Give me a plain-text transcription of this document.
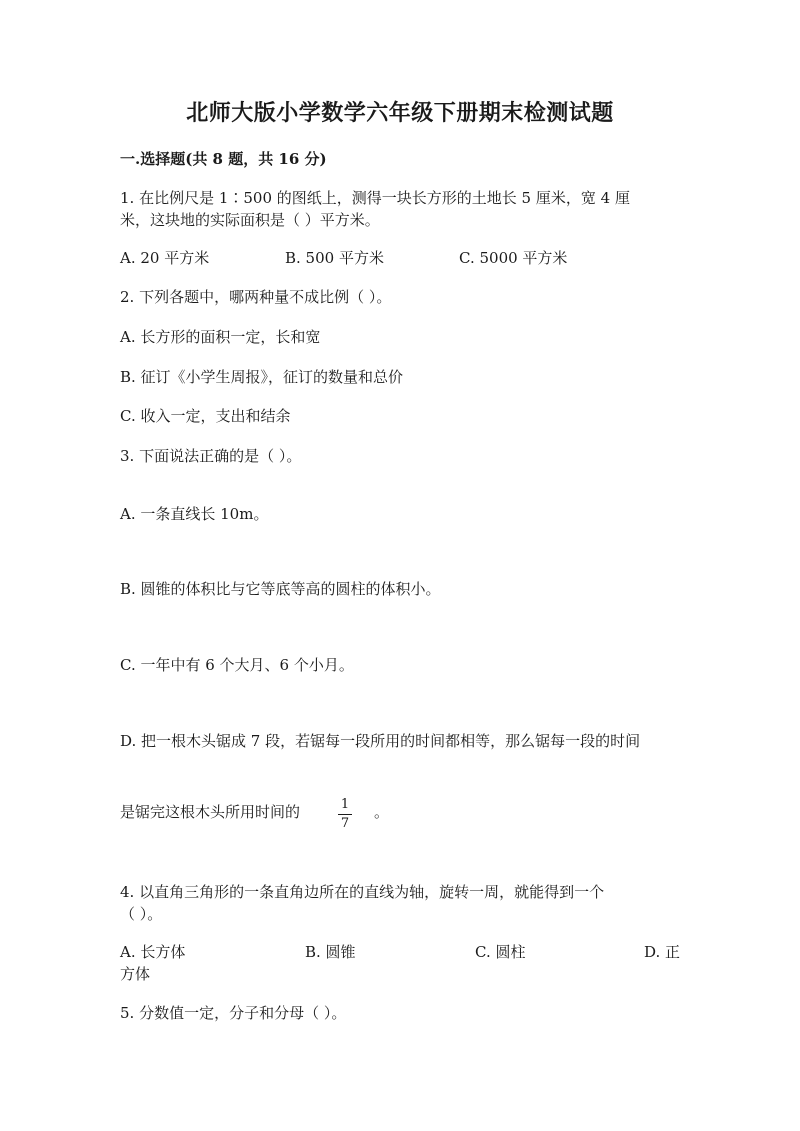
北师大版小学数学六年级下册期末检测试题
一.选择题(共 8 题，共 16 分)
1. 在比例尺是 1∶500 的图纸上，测得一块长方形的土地长 5 厘米，宽 4 厘
米，这块地的实际面积是（ ）平方米。
A. 20 平方米	B. 500 平方米	C. 5000 平方米
2. 下列各题中，哪两种量不成比例（ ）。
A. 长方形的面积一定，长和宽
B. 征订《小学生周报》，征订的数量和总价
C. 收入一定，支出和结余
3. 下面说法正确的是（ ）。
A. 一条直线长 10m。
B. 圆锥的体积比与它等底等高的圆柱的体积小。
C. 一年中有 6 个大月、6 个小月。
D. 把一根木头锯成 7 段，若锯每一段所用的时间都相等，那么锯每一段的时间
是锯完这根木头所用时间的	1
7
。
4. 以直角三角形的一条直角边所在的直线为轴，旋转一周，就能得到一个
（ ）。
A. 长方体	B. 圆锥	C. 圆柱	D. 正
方体
5. 分数值一定，分子和分母（ ）。
